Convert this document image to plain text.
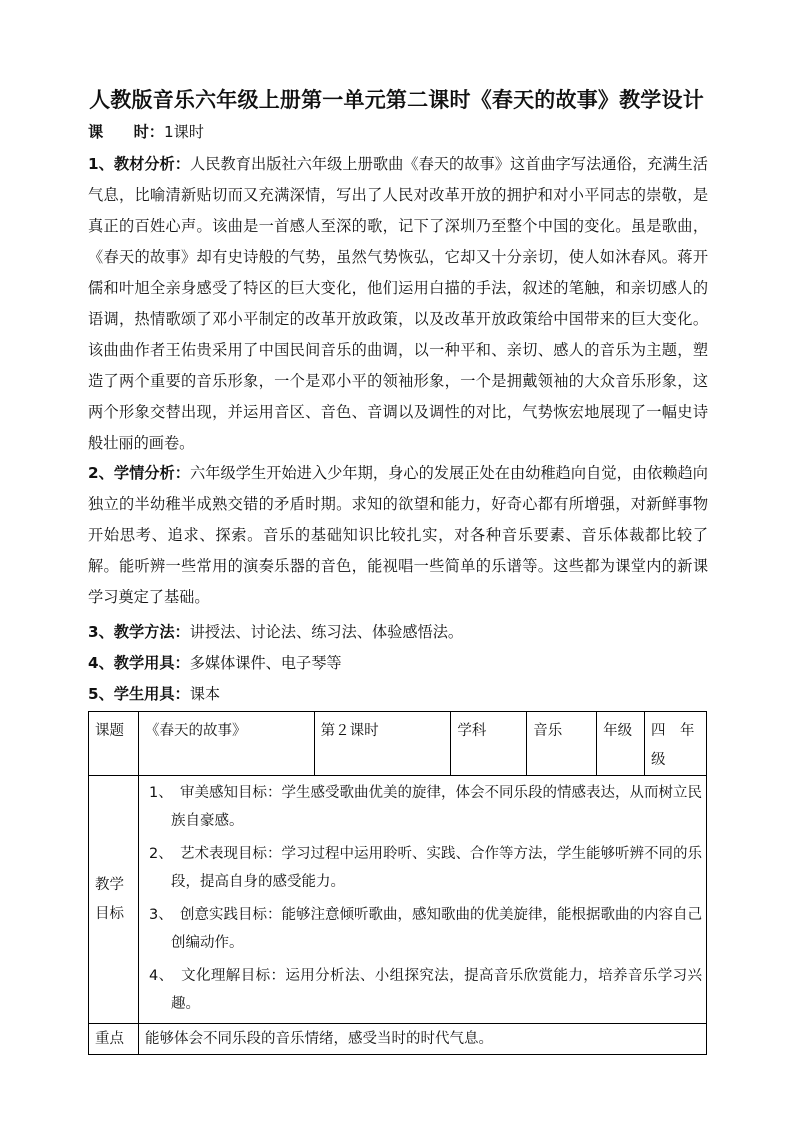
人教版音乐六年级上册第一单元第二课时《春天的故事》教学设计
课　　时：1课时
1、教材分析：人民教育出版社六年级上册歌曲《春天的故事》这首曲字写法通俗，充满生活气息，比喻清新贴切而又充满深情，写出了人民对改革开放的拥护和对小平同志的崇敬，是真正的百姓心声。该曲是一首感人至深的歌，记下了深圳乃至整个中国的变化。虽是歌曲，《春天的故事》却有史诗般的气势，虽然气势恢弘，它却又十分亲切，使人如沐春风。蒋开儒和叶旭全亲身感受了特区的巨大变化，他们运用白描的手法，叙述的笔触，和亲切感人的语调，热情歌颂了邓小平制定的改革开放政策，以及改革开放政策给中国带来的巨大变化。该曲曲作者王佑贵采用了中国民间音乐的曲调，以一种平和、亲切、感人的音乐为主题，塑造了两个重要的音乐形象，一个是邓小平的领袖形象，一个是拥戴领袖的大众音乐形象，这两个形象交替出现，并运用音区、音色、音调以及调性的对比，气势恢宏地展现了一幅史诗般壮丽的画卷。
2、学情分析：六年级学生开始进入少年期，身心的发展正处在由幼稚趋向自觉，由依赖趋向独立的半幼稚半成熟交错的矛盾时期。求知的欲望和能力，好奇心都有所增强，对新鲜事物开始思考、追求、探索。音乐的基础知识比较扎实，对各种音乐要素、音乐体裁都比较了解。能听辨一些常用的演奏乐器的音色，能视唱一些简单的乐谱等。这些都为课堂内的新课学习奠定了基础。
3、教学方法：讲授法、讨论法、练习法、体验感悟法。
4、教学用具：多媒体课件、电子琴等
5、学生用具：课本
课题	《春天的故事》	第２课时	学科	音乐	年级	四　年级

教学目标	1、　审美感知目标：学生感受歌曲优美的旋律，体会不同乐段的情感表达，从而树立民族自豪感。
2、　艺术表现目标：学习过程中运用聆听、实践、合作等方法，学生能够听辨不同的乐段，提高自身的感受能力。
3、　创意实践目标：能够注意倾听歌曲，感知歌曲的优美旋律，能根据歌曲的内容自己创编动作。
4、　文化理解目标：运用分析法、小组探究法，提高音乐欣赏能力，培养音乐学习兴趣。					

重点	能够体会不同乐段的音乐情绪，感受当时的时代气息。					
